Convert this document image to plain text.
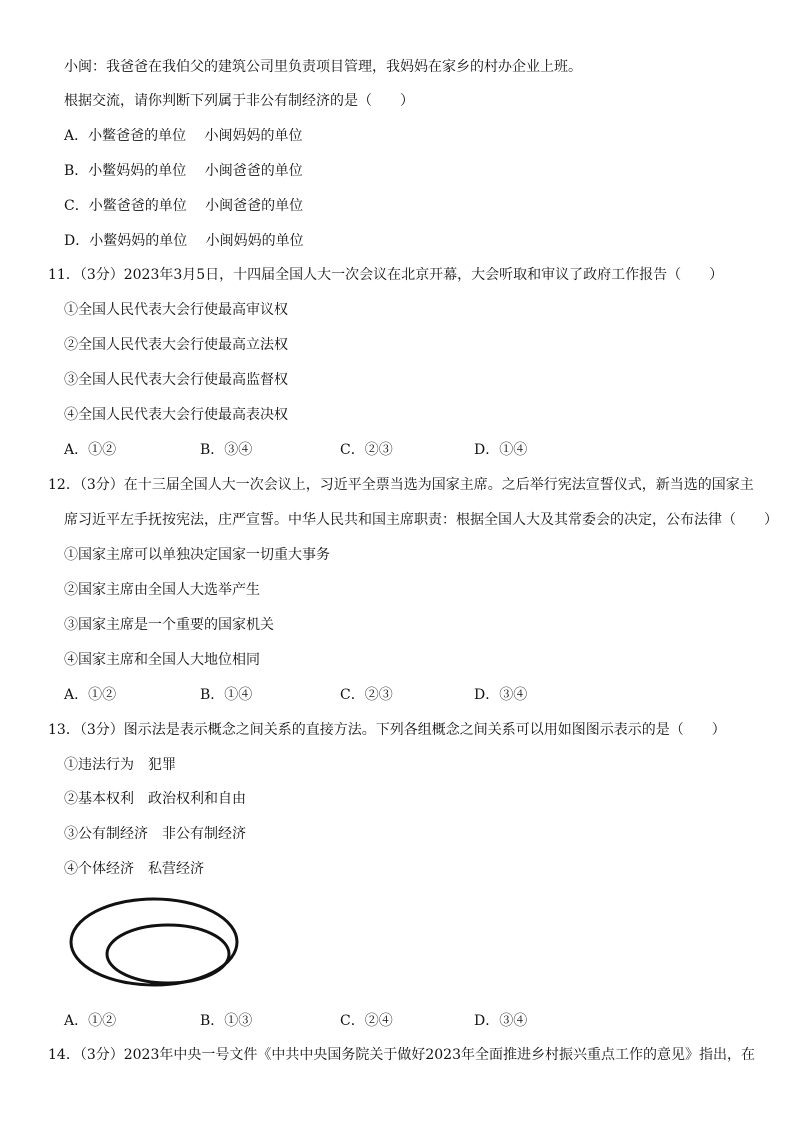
小闽：我爸爸在我伯父的建筑公司里负责项目管理，我妈妈在家乡的村办企业上班。
根据交流，请你判断下列属于非公有制经济的是（　　）
A．小鳖爸爸的单位　 小闽妈妈的单位
B．小鳖妈妈的单位　 小闽爸爸的单位
C．小鳖爸爸的单位　 小闽爸爸的单位
D．小鳖妈妈的单位　 小闽妈妈的单位
11．（3分）2023年3月5日，十四届全国人大一次会议在北京开幕，大会听取和审议了政府工作报告（　　）
①全国人民代表大会行使最高审议权
②全国人民代表大会行使最高立法权
③全国人民代表大会行使最高监督权
④全国人民代表大会行使最高表决权
A．①②	B．③④	C．②③	D．①④
12．（3分）在十三届全国人大一次会议上，习近平全票当选为国家主席。之后举行宪法宣誓仪式，新当选的国家主
席习近平左手抚按宪法，庄严宣誓。中华人民共和国主席职责：根据全国人大及其常委会的决定，公布法律（　　）
①国家主席可以单独决定国家一切重大事务
②国家主席由全国人大选举产生
③国家主席是一个重要的国家机关
④国家主席和全国人大地位相同
A．①②	B．①④	C．②③	D．③④
13．（3分）图示法是表示概念之间关系的直接方法。下列各组概念之间关系可以用如图图示表示的是（　　）
①违法行为　犯罪
②基本权利　政治权利和自由
③公有制经济　非公有制经济
④个体经济　私营经济
A．①②	B．①③	C．②④	D．③④
14．（3分）2023年中央一号文件《中共中央国务院关于做好2023年全面推进乡村振兴重点工作的意见》指出，在
